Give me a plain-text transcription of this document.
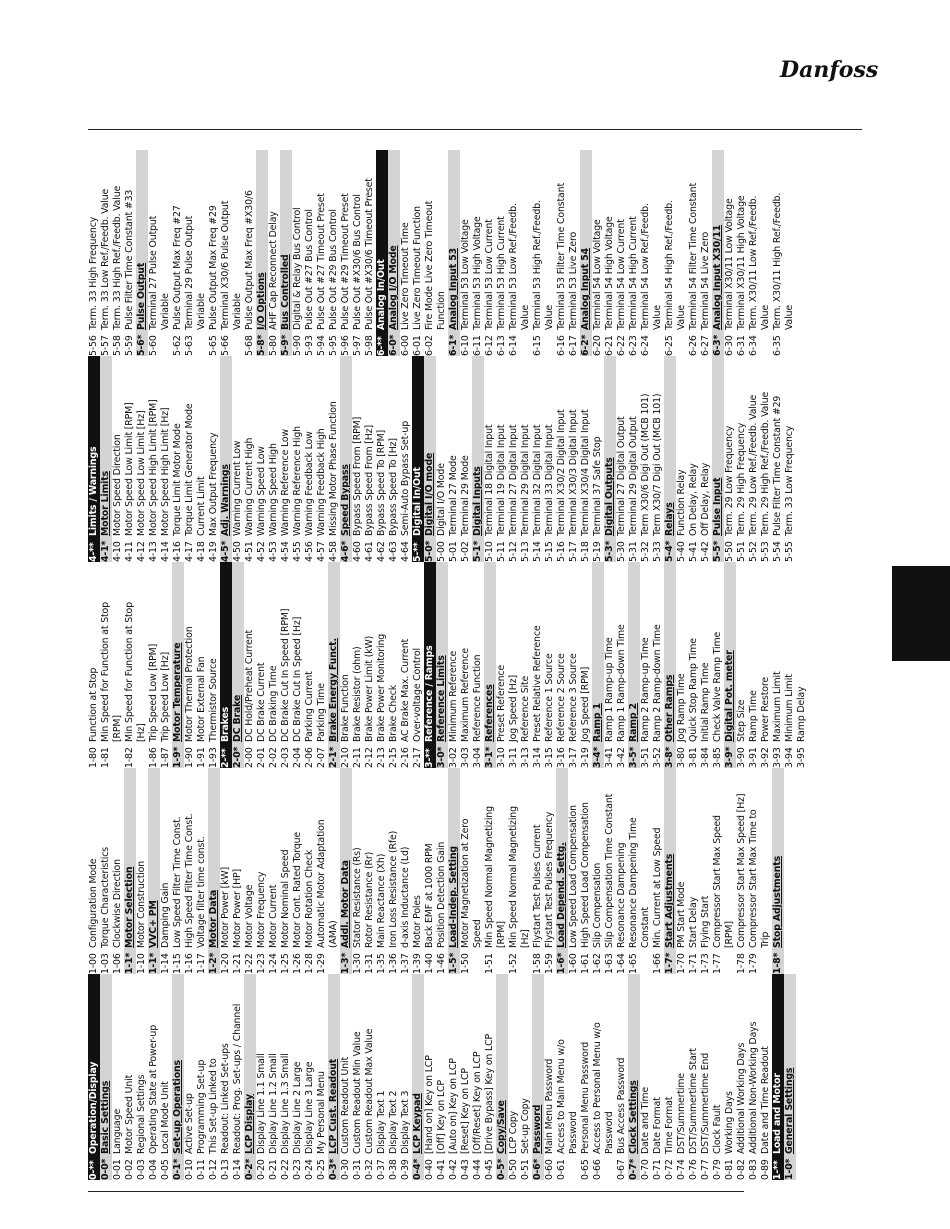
Danfoss
0-**
Operation/Display
0-0*
Basic Settings
0-01
Language
0-02
Motor Speed Unit
0-03
Regional Settings
0-04
Operating State at Power-up
0-05
Local Mode Unit
0-1*
Set-up Operations
0-10
Active Set-up
0-11
Programming Set-up
0-12
This Set-up Linked to
0-13
Readout: Linked Set-ups
0-14
Readout: Prog. Set-ups / Channel
0-2*
LCP Display
0-20
Display Line 1.1 Small
0-21
Display Line 1.2 Small
0-22
Display Line 1.3 Small
0-23
Display Line 2 Large
0-24
Display Line 3 Large
0-25
My Personal Menu
0-3*
LCP Cust. Readout
0-30
Custom Readout Unit
0-31
Custom Readout Min Value
0-32
Custom Readout Max Value
0-37
Display Text 1
0-38
Display Text 2
0-39
Display Text 3
0-4*
LCP Keypad
0-40
[Hand on] Key on LCP
0-41
[Off] Key on LCP
0-42
[Auto on] Key on LCP
0-43
[Reset] Key on LCP
0-44
[Off/Reset] Key on LCP
0-45
[Drive Bypass] Key on LCP
0-5*
Copy/Save
0-50
LCP Copy
0-51
Set-up Copy
0-6*
Password
0-60
Main Menu Password
0-61
Access to Main Menu w/o Password
0-65
Personal Menu Password
0-66
Access to Personal Menu w/o Password
0-67
Bus Access Password
0-7*
Clock Settings
0-70
Date and Time
0-71
Date Format
0-72
Time Format
0-74
DST/Summertime
0-76
DST/Summertime Start
0-77
DST/Summertime End
0-79
Clock Fault
0-81
Working Days
0-82
Additional Working Days
0-83
Additional Non-Working Days
0-89
Date and Time Readout
1-**
Load and Motor
1-0*
General Settings
1-00
Configuration Mode
1-03
Torque Characteristics
1-06
Clockwise Direction
1-1*
Motor Selection
1-10
Motor Construction
1-1*
VVC+ PM
1-14
Damping Gain
1-15
Low Speed Filter Time Const.
1-16
High Speed Filter Time Const.
1-17
Voltage filter time const.
1-2*
Motor Data
1-20
Motor Power [kW]
1-21
Motor Power [HP]
1-22
Motor Voltage
1-23
Motor Frequency
1-24
Motor Current
1-25
Motor Nominal Speed
1-26
Motor Cont. Rated Torque
1-28
Motor Rotation Check
1-29
Automatic Motor Adaptation (AMA)
1-3*
Addl. Motor Data
1-30
Stator Resistance (Rs)
1-31
Rotor Resistance (Rr)
1-35
Main Reactance (Xh)
1-36
Iron Loss Resistance (Rfe)
1-37
d-axis Inductance (Ld)
1-39
Motor Poles
1-40
Back EMF at 1000 RPM
1-46
Position Detection Gain
1-5*
Load-Indep. Setting
1-50
Motor Magnetization at Zero Speed
1-51
Min Speed Normal Magnetizing [RPM]
1-52
Min Speed Normal Magnetizing [Hz]
1-58
Flystart Test Pulses Current
1-59
Flystart Test Pulses Frequency
1-6*
Load Depend. Settg.
1-60
Low Speed Load Compensation
1-61
High Speed Load Compensation
1-62
Slip Compensation
1-63
Slip Compensation Time Constant
1-64
Resonance Dampening
1-65
Resonance Dampening Time Constant
1-66
Min. Current at Low Speed
1-7*
Start Adjustments
1-70
PM Start Mode
1-71
Start Delay
1-73
Flying Start
1-77
Compressor Start Max Speed [RPM]
1-78
Compressor Start Max Speed [Hz]
1-79
Compressor Start Max Time to Trip
1-8*
Stop Adjustments
1-80
Function at Stop
1-81
Min Speed for Function at Stop [RPM]
1-82
Min Speed for Function at Stop [Hz]
1-86
Trip Speed Low [RPM]
1-87
Trip Speed Low [Hz]
1-9*
Motor Temperature
1-90
Motor Thermal Protection
1-91
Motor External Fan
1-93
Thermistor Source
2-**
Brakes
2-0*
DC Brake
2-00
DC Hold/Preheat Current
2-01
DC Brake Current
2-02
DC Braking Time
2-03
DC Brake Cut In Speed [RPM]
2-04
DC Brake Cut In Speed [Hz]
2-06
Parking Current
2-07
Parking Time
2-1*
Brake Energy Funct.
2-10
Brake Function
2-11
Brake Resistor (ohm)
2-12
Brake Power Limit (kW)
2-13
Brake Power Monitoring
2-15
Brake Check
2-16
AC Brake Max. Current
2-17
Over-voltage Control
3-**
Reference / Ramps
3-0*
Reference Limits
3-02
Minimum Reference
3-03
Maximum Reference
3-04
Reference Function
3-1*
References
3-10
Preset Reference
3-11
Jog Speed [Hz]
3-13
Reference Site
3-14
Preset Relative Reference
3-15
Reference 1 Source
3-16
Reference 2 Source
3-17
Reference 3 Source
3-19
Jog Speed [RPM]
3-4*
Ramp 1
3-41
Ramp 1 Ramp-up Time
3-42
Ramp 1 Ramp-down Time
3-5*
Ramp 2
3-51
Ramp 2 Ramp-up Time
3-52
Ramp 2 Ramp-down Time
3-8*
Other Ramps
3-80
Jog Ramp Time
3-81
Quick Stop Ramp Time
3-84
Initial Ramp Time
3-85
Check Valve Ramp Time
3-9*
Digital Pot. meter
3-90
Step Size
3-91
Ramp Time
3-92
Power Restore
3-93
Maximum Limit
3-94
Minimum Limit
3-95
Ramp Delay
4-**
Limits / Warnings
4-1*
Motor Limits
4-10
Motor Speed Direction
4-11
Motor Speed Low Limit [RPM]
4-12
Motor Speed Low Limit [Hz]
4-13
Motor Speed High Limit [RPM]
4-14
Motor Speed High Limit [Hz]
4-16
Torque Limit Motor Mode
4-17
Torque Limit Generator Mode
4-18
Current Limit
4-19
Max Output Frequency
4-5*
Adj. Warnings
4-50
Warning Current Low
4-51
Warning Current High
4-52
Warning Speed Low
4-53
Warning Speed High
4-54
Warning Reference Low
4-55
Warning Reference High
4-56
Warning Feedback Low
4-57
Warning Feedback High
4-58
Missing Motor Phase Function
4-6*
Speed Bypass
4-60
Bypass Speed From [RPM]
4-61
Bypass Speed From [Hz]
4-62
Bypass Speed To [RPM]
4-63
Bypass Speed To [Hz]
4-64
Semi-Auto Bypass Set-up
5-**
Digital In/Out
5-0*
Digital I/O mode
5-00
Digital I/O Mode
5-01
Terminal 27 Mode
5-02
Terminal 29 Mode
5-1*
Digital Inputs
5-10
Terminal 18 Digital Input
5-11
Terminal 19 Digital Input
5-12
Terminal 27 Digital Input
5-13
Terminal 29 Digital Input
5-14
Terminal 32 Digital Input
5-15
Terminal 33 Digital Input
5-16
Terminal X30/2 Digital Input
5-17
Terminal X30/3 Digital Input
5-18
Terminal X30/4 Digital Input
5-19
Terminal 37 Safe Stop
5-3*
Digital Outputs
5-30
Terminal 27 Digital Output
5-31
Terminal 29 Digital Output
5-32
Term X30/6 Digi Out (MCB 101)
5-33
Term X30/7 Digi Out (MCB 101)
5-4*
Relays
5-40
Function Relay
5-41
On Delay, Relay
5-42
Off Delay, Relay
5-5*
Pulse Input
5-50
Term. 29 Low Frequency
5-51
Term. 29 High Frequency
5-52
Term. 29 Low Ref./Feedb. Value
5-53
Term. 29 High Ref./Feedb. Value
5-54
Pulse Filter Time Constant #29
5-55
Term. 33 Low Frequency
5-56
Term. 33 High Frequency
5-57
Term. 33 Low Ref./Feedb. Value
5-58
Term. 33 High Ref./Feedb. Value
5-59
Pulse Filter Time Constant #33
5-6*
Pulse Output
5-60
Terminal 27 Pulse Output Variable
5-62
Pulse Output Max Freq #27
5-63
Terminal 29 Pulse Output Variable
5-65
Pulse Output Max Freq #29
5-66
Terminal X30/6 Pulse Output Variable
5-68
Pulse Output Max Freq #X30/6
5-8*
I/O Options
5-80
AHF Cap Reconnect Delay
5-9*
Bus Controlled
5-90
Digital & Relay Bus Control
5-93
Pulse Out #27 Bus Control
5-94
Pulse Out #27 Timeout Preset
5-95
Pulse Out #29 Bus Control
5-96
Pulse Out #29 Timeout Preset
5-97
Pulse Out #X30/6 Bus Control
5-98
Pulse Out #X30/6 Timeout Preset
6-**
Analog In/Out
6-0*
Analog I/O Mode
6-00
Live Zero Timeout Time
6-01
Live Zero Timeout Function
6-02
Fire Mode Live Zero Timeout Function
6-1*
Analog Input 53
6-10
Terminal 53 Low Voltage
6-11
Terminal 53 High Voltage
6-12
Terminal 53 Low Current
6-13
Terminal 53 High Current
6-14
Terminal 53 Low Ref./Feedb. Value
6-15
Terminal 53 High Ref./Feedb. Value
6-16
Terminal 53 Filter Time Constant
6-17
Terminal 53 Live Zero
6-2*
Analog Input 54
6-20
Terminal 54 Low Voltage
6-21
Terminal 54 High Voltage
6-22
Terminal 54 Low Current
6-23
Terminal 54 High Current
6-24
Terminal 54 Low Ref./Feedb. Value
6-25
Terminal 54 High Ref./Feedb. Value
6-26
Terminal 54 Filter Time Constant
6-27
Terminal 54 Live Zero
6-3*
Analog Input X30/11
6-30
Terminal X30/11 Low Voltage
6-31
Terminal X30/11 High Voltage
6-34
Term. X30/11 Low Ref./Feedb. Value
6-35
Term. X30/11 High Ref./Feedb. Value
